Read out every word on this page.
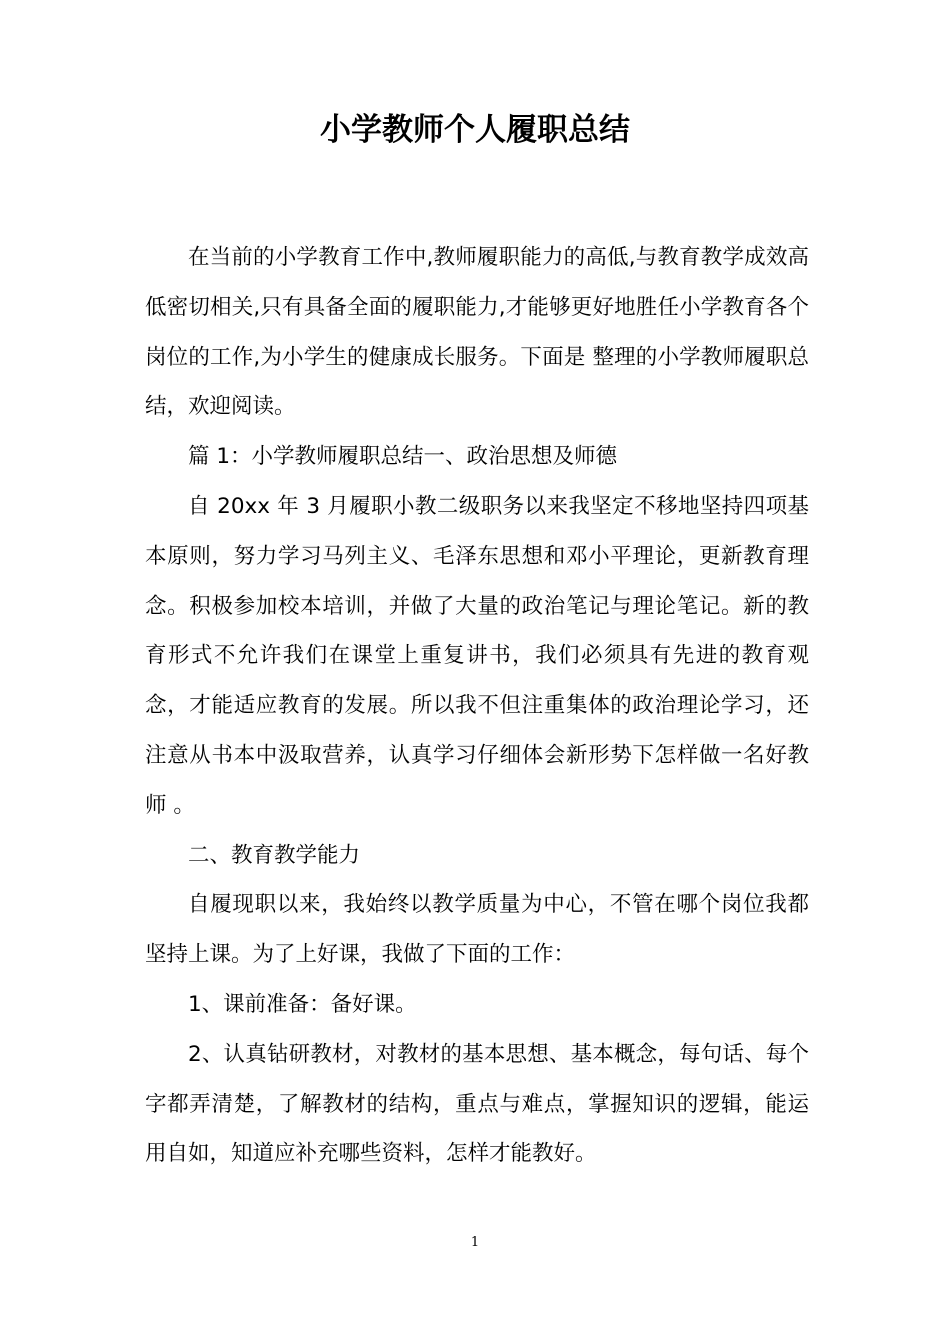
小学教师个人履职总结

在当前的小学教育工作中,教师履职能力的高低,与教育教学成效高低密切相关,只有具备全面的履职能力,才能够更好地胜任小学教育各个岗位的工作,为小学生的健康成长服务。下面是 整理的小学教师履职总结，欢迎阅读。

篇 1：小学教师履职总结一、政治思想及师德

自 20xx 年 3 月履职小教二级职务以来我坚定不移地坚持四项基本原则，努力学习马列主义、毛泽东思想和邓小平理论，更新教育理念。积极参加校本培训，并做了大量的政治笔记与理论笔记。新的教育形式不允许我们在课堂上重复讲书，我们必须具有先进的教育观念，才能适应教育的发展。所以我不但注重集体的政治理论学习，还注意从书本中汲取营养，认真学习仔细体会新形势下怎样做一名好教师 。

二、教育教学能力

自履现职以来，我始终以教学质量为中心，不管在哪个岗位我都坚持上课。为了上好课，我做了下面的工作：

1、课前准备：备好课。

2、认真钻研教材，对教材的基本思想、基本概念，每句话、每个字都弄清楚，了解教材的结构，重点与难点，掌握知识的逻辑，能运用自如，知道应补充哪些资料，怎样才能教好。

1
